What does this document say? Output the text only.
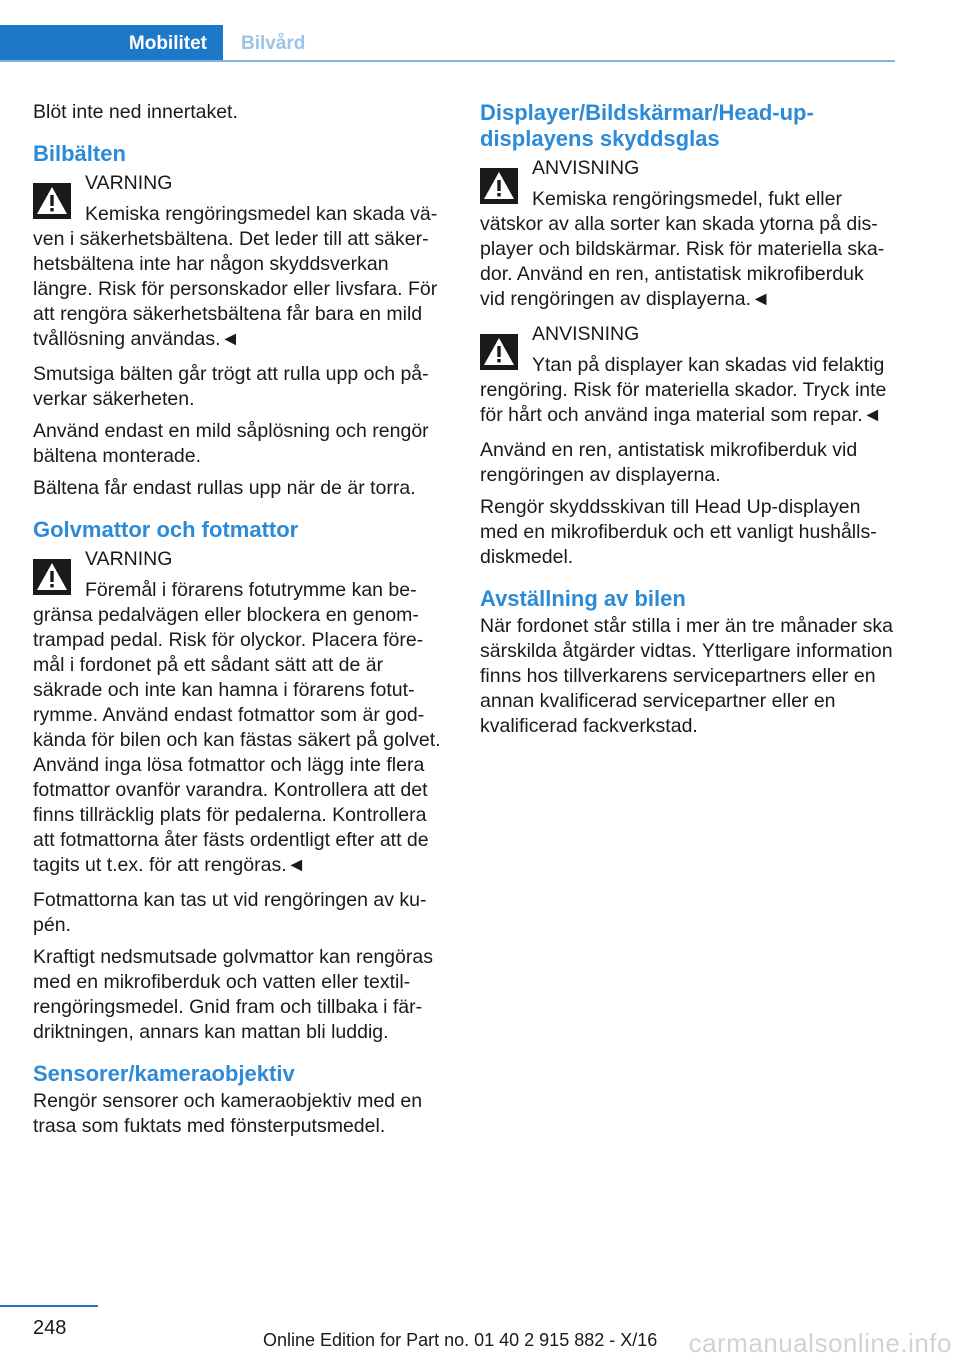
Mobilitet	Bilvård

Blöt inte ned innertaket.

Bilbälten
VARNING
Kemiska rengöringsmedel kan skada väven i säkerhetsbältena. Det leder till att säkerhetsbältena inte har någon skyddsverkan längre. Risk för personskador eller livsfara. För att rengöra säkerhetsbältena får bara en mild tvållösning användas.◄

Smutsiga bälten går trögt att rulla upp och påverkar säkerheten.

Använd endast en mild såplösning och rengör bältena monterade.

Bältena får endast rullas upp när de är torra.

Golvmattor och fotmattor
VARNING
Föremål i förarens fotutrymme kan begränsa pedalvägen eller blockera en genomtrampad pedal. Risk för olyckor. Placera föremål i fordonet på ett sådant sätt att de är säkrade och inte kan hamna i förarens fotutrymme. Använd endast fotmattor som är godkända för bilen och kan fästas säkert på golvet. Använd inga lösa fotmattor och lägg inte flera fotmattor ovanför varandra. Kontrollera att det finns tillräcklig plats för pedalerna. Kontrollera att fotmattorna åter fästs ordentligt efter att de tagits ut t.ex. för att rengöras.◄

Fotmattorna kan tas ut vid rengöringen av kupén.

Kraftigt nedsmutsade golvmattor kan rengöras med en mikrofiberduk och vatten eller textilrengöringsmedel. Gnid fram och tillbaka i färdriktningen, annars kan mattan bli luddig.

Sensorer/kameraobjektiv

Rengör sensorer och kameraobjektiv med en trasa som fuktats med fönsterputsmedel.

Displayer/Bildskärmar/Head-up-displayens skyddsglas
ANVISNING
Kemiska rengöringsmedel, fukt eller vätskor av alla sorter kan skada ytorna på displayer och bildskärmar. Risk för materiella skador. Använd en ren, antistatisk mikrofiberduk vid rengöringen av displayerna.◄
ANVISNING
Ytan på displayer kan skadas vid felaktig rengöring. Risk för materiella skador. Tryck inte för hårt och använd inga material som repar.◄

Använd en ren, antistatisk mikrofiberduk vid rengöringen av displayerna.

Rengör skyddsskivan till Head Up-displayen med en mikrofiberduk och ett vanligt hushållsdiskmedel.

Avställning av bilen

När fordonet står stilla i mer än tre månader ska särskilda åtgärder vidtas. Ytterligare information finns hos tillverkarens servicepartners eller en annan kvalificerad servicepartner eller en kvalificerad fackverkstad.

248
Online Edition for Part no. 01 40 2 915 882 - X/16 carmanualsonline.info
